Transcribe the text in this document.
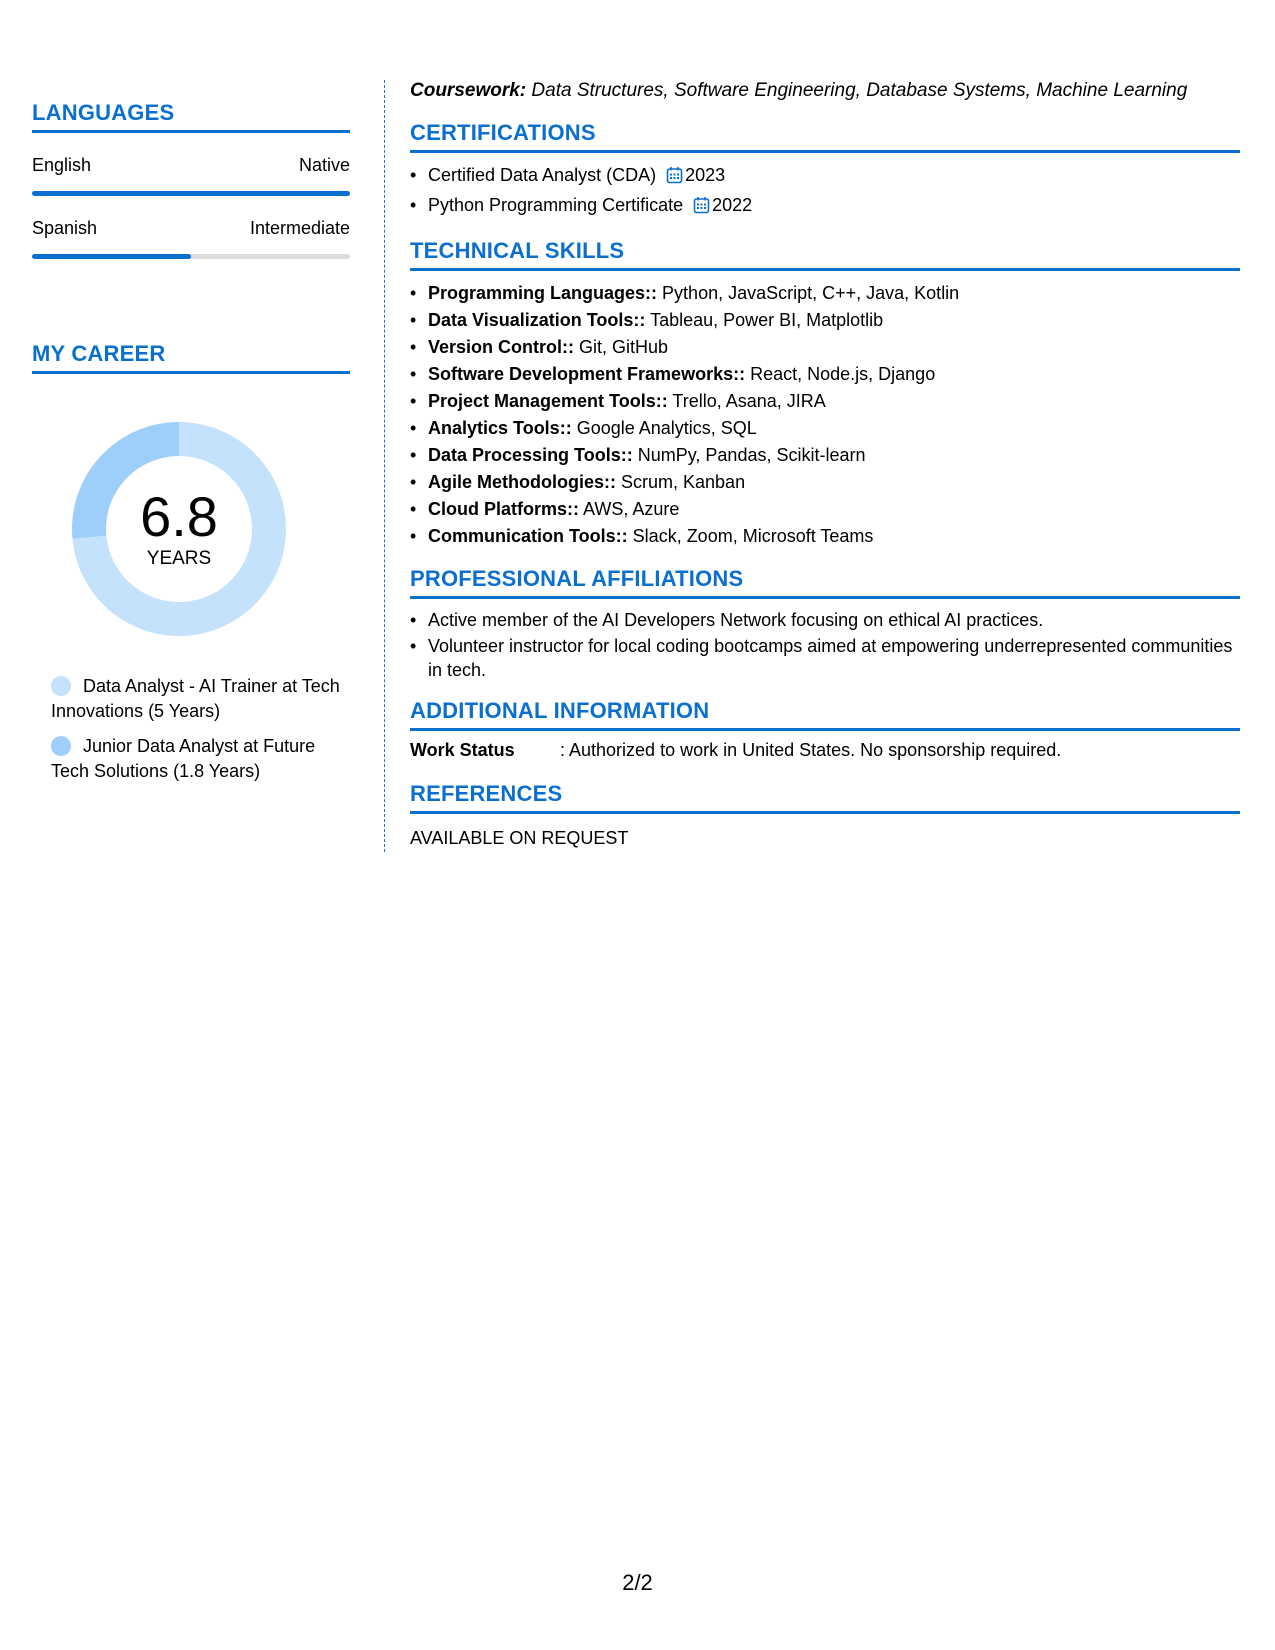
LANGUAGES
English	Native
Spanish	Intermediate
MY CAREER
6.8
YEARS
Data Analyst - AI Trainer at Tech Innovations (5 Years)
Junior Data Analyst at Future Tech Solutions (1.8 Years)
Coursework: Data Structures, Software Engineering, Database Systems, Machine Learning
CERTIFICATIONS
• Certified Data Analyst (CDA) 2023
• Python Programming Certificate 2022
TECHNICAL SKILLS
• Programming Languages:: Python, JavaScript, C++, Java, Kotlin
• Data Visualization Tools:: Tableau, Power BI, Matplotlib
• Version Control:: Git, GitHub
• Software Development Frameworks:: React, Node.js, Django
• Project Management Tools:: Trello, Asana, JIRA
• Analytics Tools:: Google Analytics, SQL
• Data Processing Tools:: NumPy, Pandas, Scikit-learn
• Agile Methodologies:: Scrum, Kanban
• Cloud Platforms:: AWS, Azure
• Communication Tools:: Slack, Zoom, Microsoft Teams
PROFESSIONAL AFFILIATIONS
• Active member of the AI Developers Network focusing on ethical AI practices.
• Volunteer instructor for local coding bootcamps aimed at empowering underrepresented communities in tech.
ADDITIONAL INFORMATION
Work Status	: Authorized to work in United States. No sponsorship required.
REFERENCES
AVAILABLE ON REQUEST
2/2
